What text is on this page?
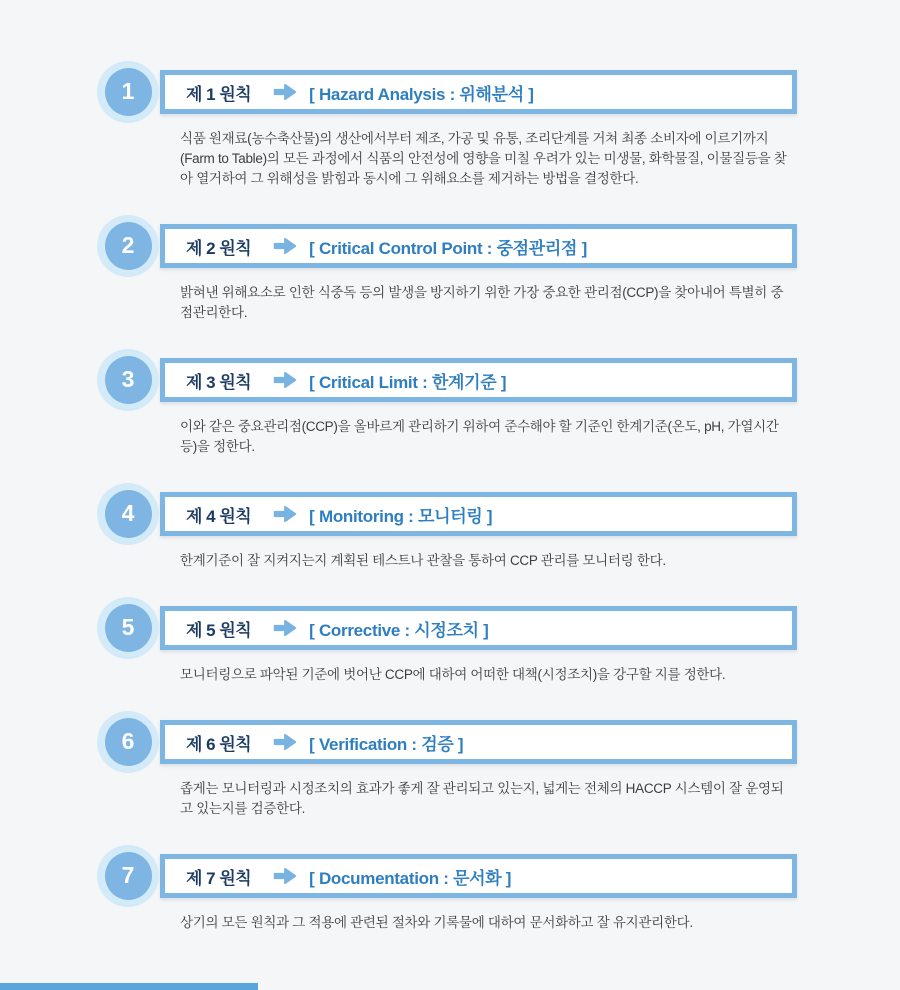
1	제 1 원칙	[ Hazard Analysis : 위해분석 ]

식품 원재료(농수축산물)의 생산에서부터 제조, 가공 및 유통, 조리단계를 거쳐 최종 소비자에 이르기까지 (Farm to Table)의 모든 과정에서 식품의 안전성에 영향을 미칠 우려가 있는 미생물, 화학물질, 이물질등을 찾아 열거하여 그 위해성을 밝힘과 동시에 그 위해요소를 제거하는 방법을 결정한다.

2	제 2 원칙	[ Critical Control Point : 중점관리점 ]

밝혀낸 위해요소로 인한 식중독 등의 발생을 방지하기 위한 가장 중요한 관리점(CCP)을 찾아내어 특별히 중점관리한다.

3	제 3 원칙	[ Critical Limit : 한계기준 ]

이와 같은 중요관리점(CCP)을 올바르게 관리하기 위하여 준수해야 할 기준인 한계기준(온도, pH, 가열시간 등)을 정한다.

4	제 4 원칙	[ Monitoring : 모니터링 ]

한계기준이 잘 지켜지는지 계획된 테스트나 관찰을 통하여 CCP 관리를 모니터링 한다.

5	제 5 원칙	[ Corrective : 시정조치 ]

모니터링으로 파악된 기준에 벗어난 CCP에 대하여 어떠한 대책(시정조치)을 강구할 지를 정한다.

6	제 6 원칙	[ Verification : 검증 ]

좁게는 모니터링과 시정조치의 효과가 좋게 잘 관리되고 있는지, 넓게는 전체의 HACCP 시스템이 잘 운영되고 있는지를 검증한다.

7	제 7 원칙	[ Documentation : 문서화 ]

상기의 모든 원칙과 그 적용에 관련된 절차와 기록물에 대하여 문서화하고 잘 유지관리한다.
